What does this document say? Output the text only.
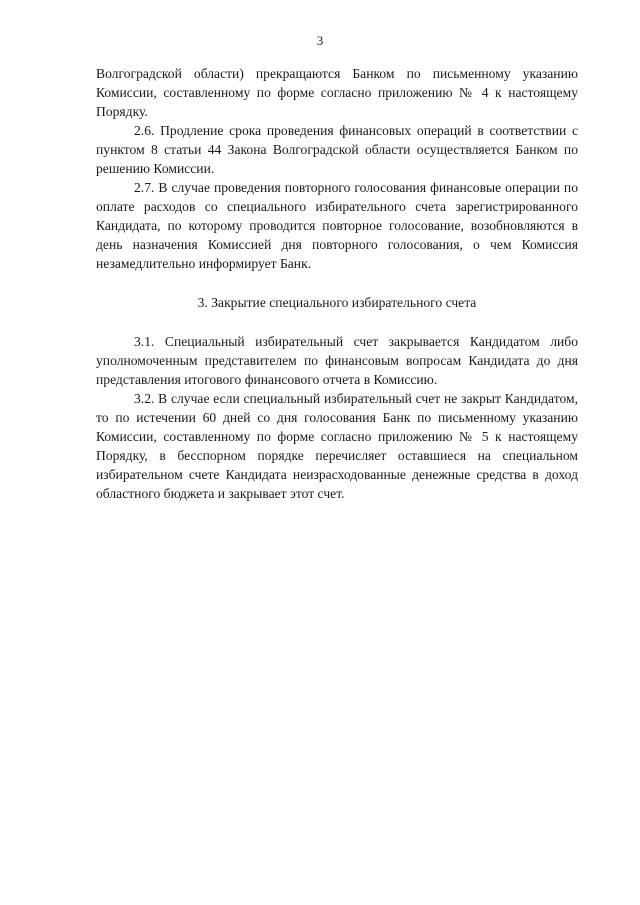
3

Волгоградской области) прекращаются Банком по письменному указанию Комиссии, составленному по форме согласно приложению № 4 к настоящему Порядку.

2.6. Продление срока проведения финансовых операций в соответствии с пунктом 8 статьи 44 Закона Волгоградской области осуществляется Банком по решению Комиссии.

2.7. В случае проведения повторного голосования финансовые операции по оплате расходов со специального избирательного счета зарегистрированного Кандидата, по которому проводится повторное голосование, возобновляются в день назначения Комиссией дня повторного голосования, о чем Комиссия незамедлительно информирует Банк.

3. Закрытие специального избирательного счета

3.1. Специальный избирательный счет закрывается Кандидатом либо уполномоченным представителем по финансовым вопросам Кандидата до дня представления итогового финансового отчета в Комиссию.

3.2. В случае если специальный избирательный счет не закрыт Кандидатом, то по истечении 60 дней со дня голосования Банк по письменному указанию Комиссии, составленному по форме согласно приложению № 5 к настоящему Порядку, в бесспорном порядке перечисляет оставшиеся на специальном избирательном счете Кандидата неизрасходованные денежные средства в доход областного бюджета и закрывает этот счет.
